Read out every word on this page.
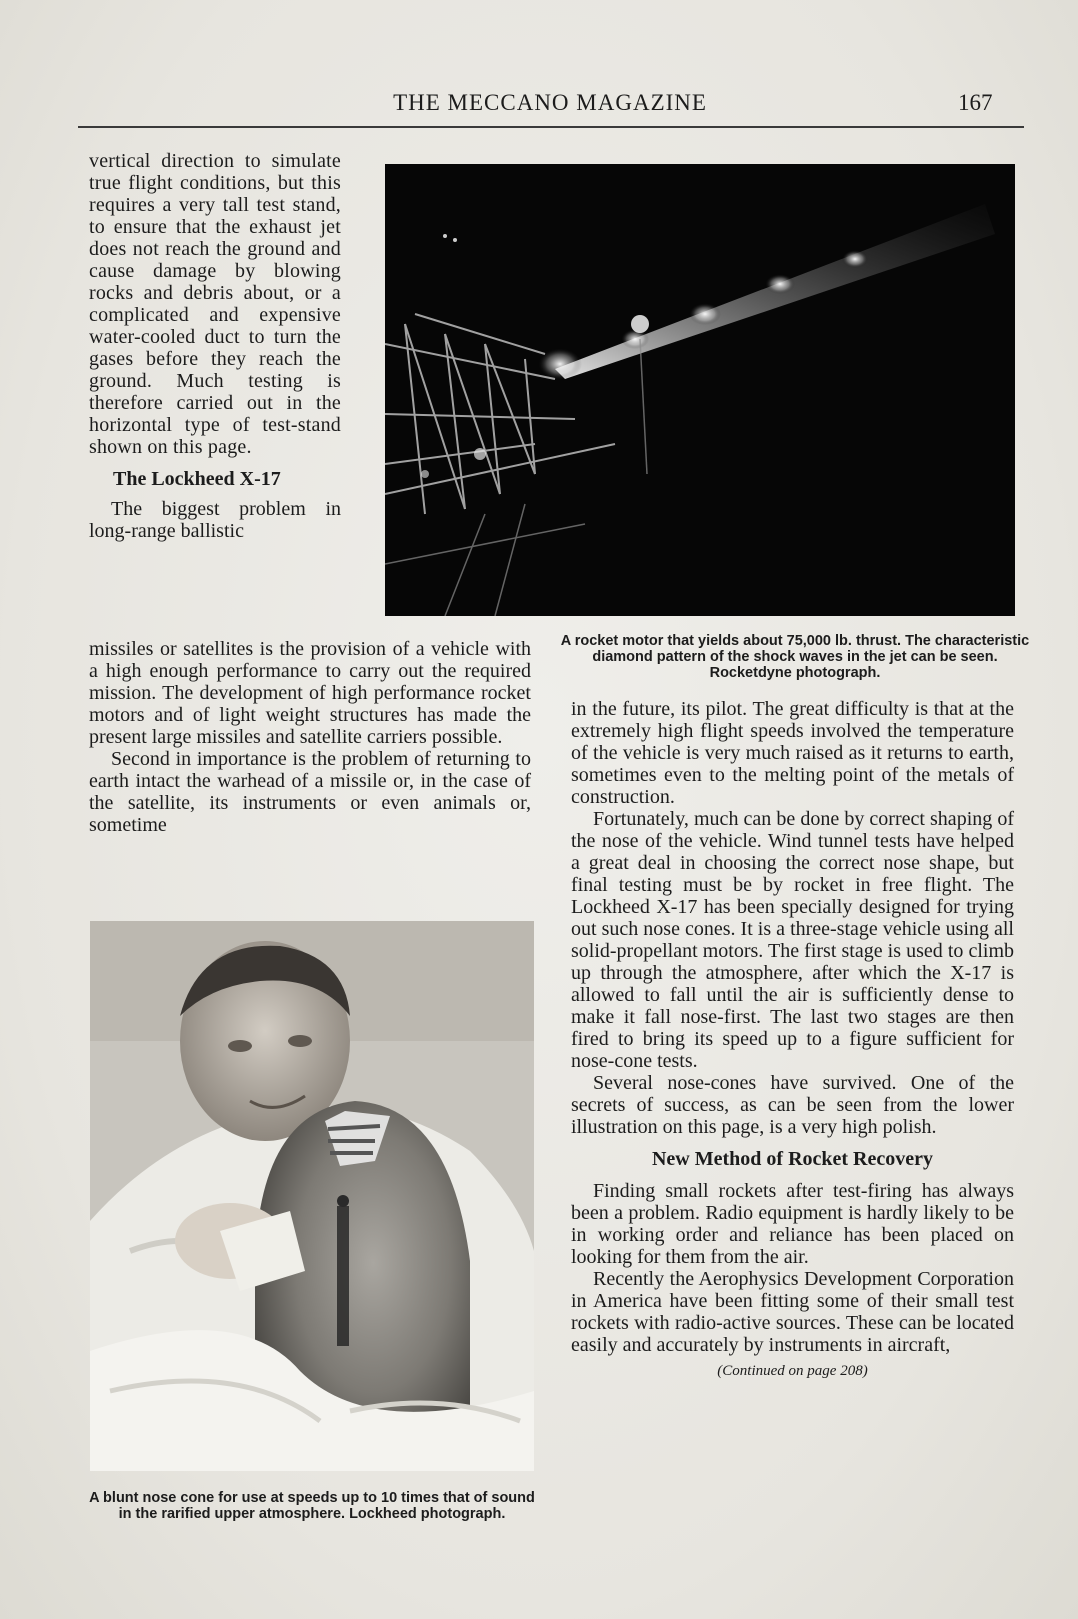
THE MECCANO MAGAZINE	167

vertical direction to simulate true flight conditions, but this requires a very tall test stand, to ensure that the exhaust jet does not reach the ground and cause damage by blowing rocks and debris about, or a complicated and expensive water-cooled duct to turn the gases before they reach the ground. Much testing is therefore carried out in the horizontal type of test-stand shown on this page.

The Lockheed X-17

The biggest problem in long-range ballistic

missiles or satellites is the provision of a vehicle with a high enough performance to carry out the required mission. The development of high performance rocket motors and of light weight structures has made the present large missiles and satellite carriers possible.

Second in importance is the problem of returning to earth intact the warhead of a missile or, in the case of the satellite, its instruments or even animals or, sometime

A rocket motor that yields about 75,000 lb. thrust. The characteristic diamond pattern of the shock waves in the jet can be seen. Rocketdyne photograph.

A blunt nose cone for use at speeds up to 10 times that of sound in the rarified upper atmosphere. Lockheed photograph.

in the future, its pilot. The great difficulty is that at the extremely high flight speeds involved the temperature of the vehicle is very much raised as it returns to earth, sometimes even to the melting point of the metals of construction.

Fortunately, much can be done by correct shaping of the nose of the vehicle. Wind tunnel tests have helped a great deal in choosing the correct nose shape, but final testing must be by rocket in free flight. The Lockheed X-17 has been specially designed for trying out such nose cones. It is a three-stage vehicle using all solid-propellant motors. The first stage is used to climb up through the atmosphere, after which the X-17 is allowed to fall until the air is sufficiently dense to make it fall nose-first. The last two stages are then fired to bring its speed up to a figure sufficient for nose-cone tests.

Several nose-cones have survived. One of the secrets of success, as can be seen from the lower illustration on this page, is a very high polish.

New Method of Rocket Recovery

Finding small rockets after test-firing has always been a problem. Radio equipment is hardly likely to be in working order and reliance has been placed on looking for them from the air.

Recently the Aerophysics Development Corporation in America have been fitting some of their small test rockets with radio-active sources. These can be located easily and accurately by instruments in aircraft,

(Continued on page 208)
